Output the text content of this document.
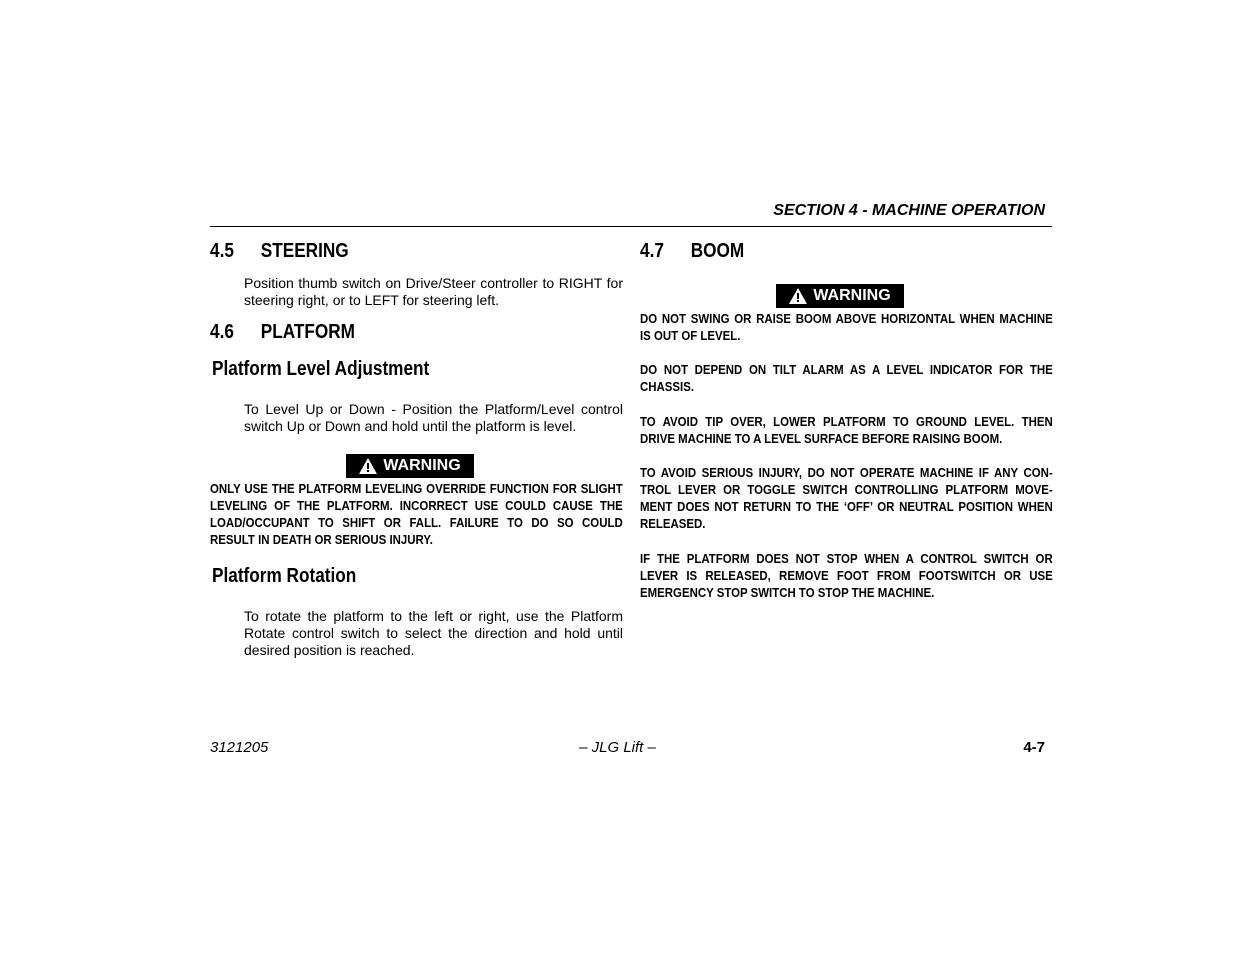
SECTION 4 - MACHINE OPERATION
4.5 STEERING
Position thumb switch on Drive/Steer controller to RIGHT for steering right, or to LEFT for steering left.
4.6 PLATFORM
Platform Level Adjustment
To Level Up or Down - Position the Platform/Level control switch Up or Down and hold until the platform is level.
WARNING
ONLY USE THE PLATFORM LEVELING OVERRIDE FUNCTION FOR SLIGHT LEVELING OF THE PLATFORM. INCORRECT USE COULD CAUSE THE LOAD/OCCUPANT TO SHIFT OR FALL. FAILURE TO DO SO COULD RESULT IN DEATH OR SERIOUS INJURY.
Platform Rotation
To rotate the platform to the left or right, use the Platform Rotate control switch to select the direction and hold until desired position is reached.
4.7 BOOM
WARNING
DO NOT SWING OR RAISE BOOM ABOVE HORIZONTAL WHEN MACHINE IS OUT OF LEVEL.
DO NOT DEPEND ON TILT ALARM AS A LEVEL INDICATOR FOR THE CHASSIS.
TO AVOID TIP OVER, LOWER PLATFORM TO GROUND LEVEL. THEN DRIVE MACHINE TO A LEVEL SURFACE BEFORE RAISING BOOM.
TO AVOID SERIOUS INJURY, DO NOT OPERATE MACHINE IF ANY CON-TROL LEVER OR TOGGLE SWITCH CONTROLLING PLATFORM MOVE-MENT DOES NOT RETURN TO THE ‘OFF’ OR NEUTRAL POSITION WHEN RELEASED.
IF THE PLATFORM DOES NOT STOP WHEN A CONTROL SWITCH OR LEVER IS RELEASED, REMOVE FOOT FROM FOOTSWITCH OR USE EMERGENCY STOP SWITCH TO STOP THE MACHINE.
3121205	– JLG Lift –	4-7
